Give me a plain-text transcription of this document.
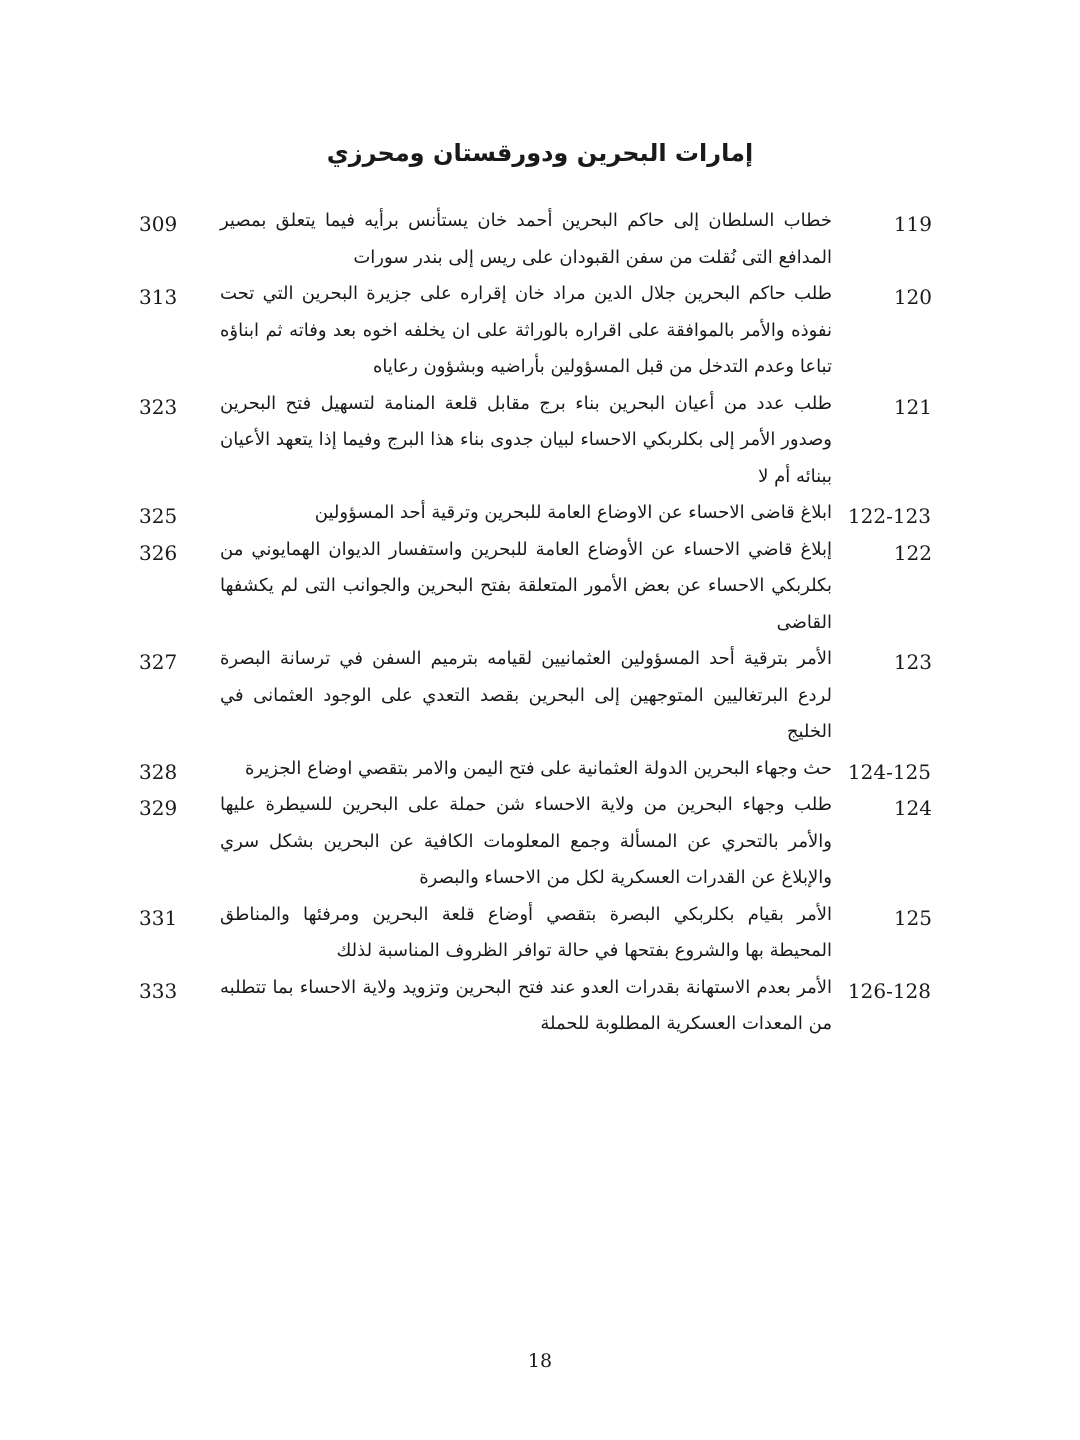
إمارات البحرين ودورقستان ومحرزي
119
خطاب السلطان إلى حاكم البحرين أحمد خان يستأنس برأيه فيما يتعلق بمصير المدافع التى نُقلت من سفن القبودان على ريس إلى بندر سورات
309
120
طلب حاكم البحرين جلال الدين مراد خان إقراره على جزيرة البحرين التي تحت نفوذه والأمر بالموافقة على اقراره بالوراثة على ان يخلفه اخوه بعد وفاته ثم ابناؤه تباعا وعدم التدخل من قبل المسؤولين بأراضيه وبشؤون رعاياه
313
121
طلب عدد من أعيان البحرين بناء برج مقابل قلعة المنامة لتسهيل فتح البحرين وصدور الأمر إلى بكلربكي الاحساء لبيان جدوى بناء هذا البرج وفيما إذا يتعهد الأعيان ببنائه أم لا
323
122-123
ابلاغ قاضى الاحساء عن الاوضاع العامة للبحرين وترقية أحد المسؤولين
325
122
إبلاغ قاضي الاحساء عن الأوضاع العامة للبحرين واستفسار الديوان الهمايوني من بكلربكي الاحساء عن بعض الأمور المتعلقة بفتح البحرين والجوانب التى لم يكشفها القاضى
326
123
الأمر بترقية أحد المسؤولين العثمانيين لقيامه بترميم السفن في ترسانة البصرة لردع البرتغاليين المتوجهين إلى البحرين بقصد التعدي على الوجود العثمانى في الخليج
327
124-125
حث وجهاء البحرين الدولة العثمانية على فتح اليمن والامر بتقصي اوضاع الجزيرة
328
124
طلب وجهاء البحرين من ولاية الاحساء شن حملة على البحرين للسيطرة عليها والأمر بالتحري عن المسألة وجمع المعلومات الكافية عن البحرين بشكل سري والإبلاغ عن القدرات العسكرية لكل من الاحساء والبصرة
329
125
الأمر بقيام بكلربكي البصرة بتقصي أوضاع قلعة البحرين ومرفئها والمناطق المحيطة بها والشروع بفتحها في حالة توافر الظروف المناسبة لذلك
331
126-128
الأمر بعدم الاستهانة بقدرات العدو عند فتح البحرين وتزويد ولاية الاحساء بما تتطلبه من المعدات العسكرية المطلوبة للحملة
333
18
